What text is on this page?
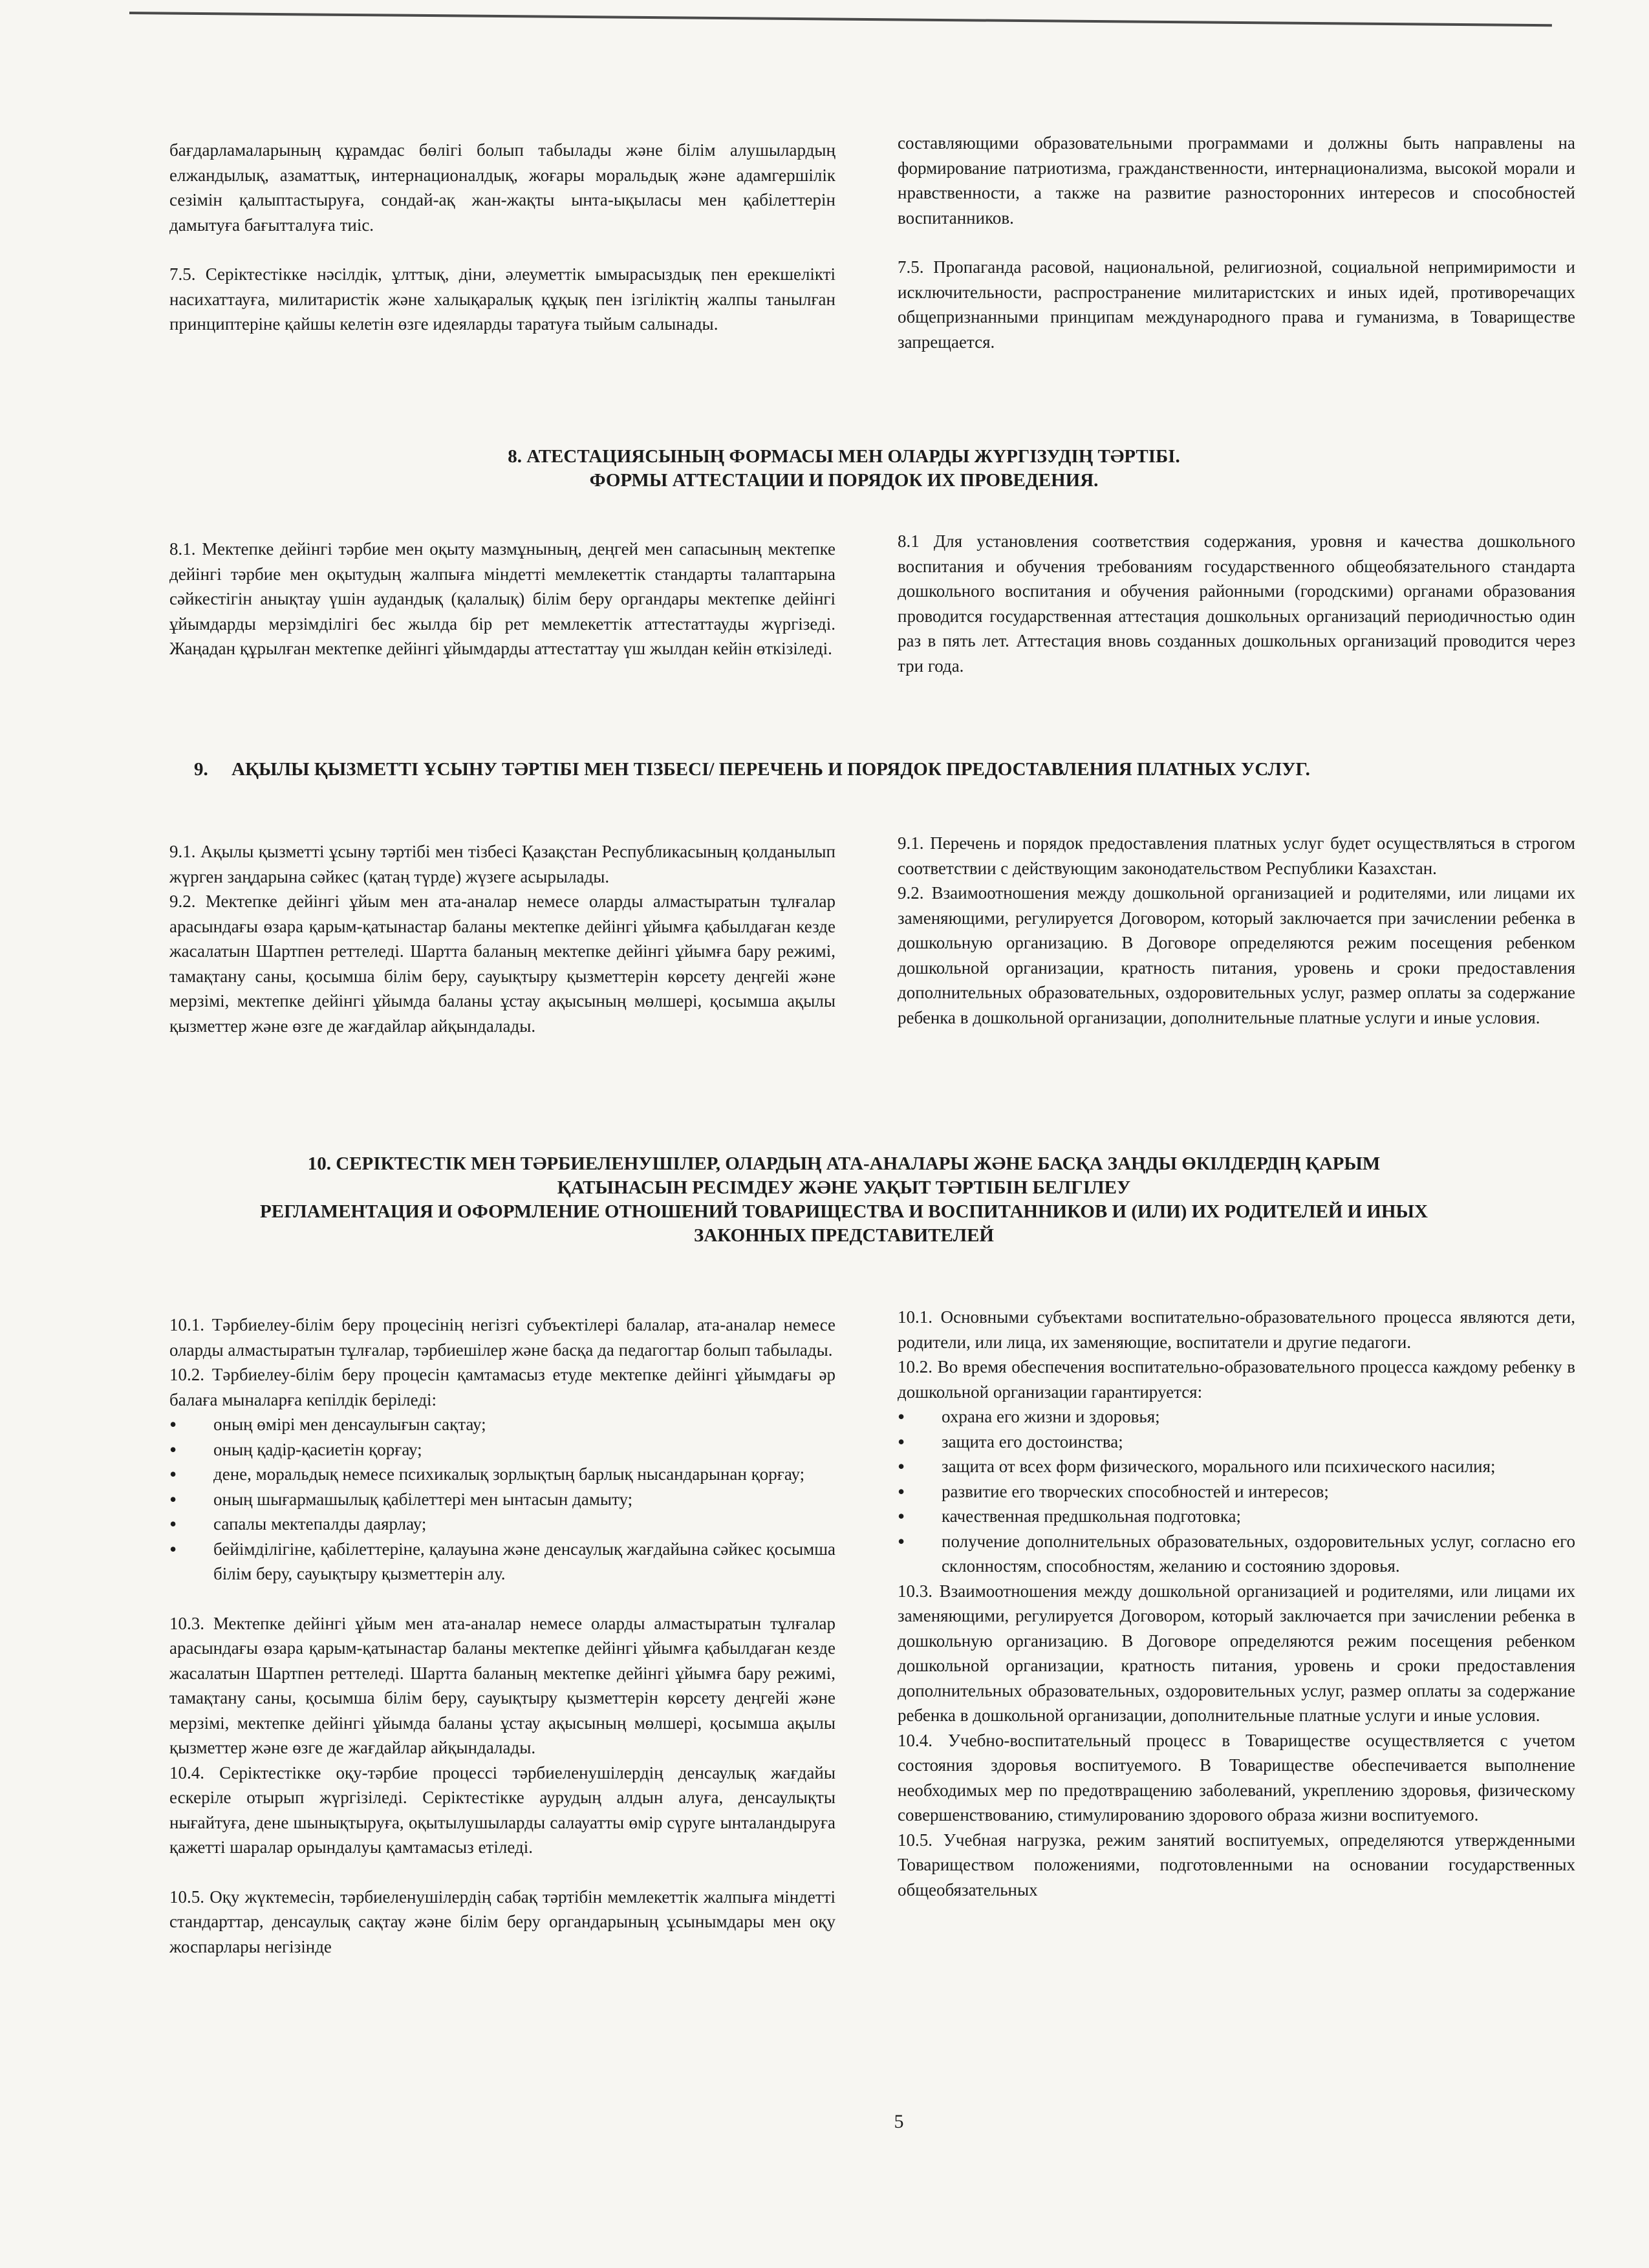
бағдарламаларының құрамдас бөлігі болып табылады және білім алушылардың елжандылық, азаматтық, интернационалдық, жоғары моральдық және адамгершілік сезімін қалыптастыруға, сондай-ақ жан-жақты ынта-ықыласы мен қабілеттерін дамытуға бағытталуға тиіс.

7.5. Серіктестікке нәсілдік, ұлттық, діни, әлеуметтік ымырасыздық пен ерекшелікті насихаттауға, милитаристік және халықаралық құқық пен ізгіліктің жалпы танылған принциптеріне қайшы келетін өзге идеяларды таратуға тыйым салынады.

составляющими образовательными программами и должны быть направлены на формирование патриотизма, гражданственности, интернационализма, высокой морали и нравственности, а также на развитие разносторонних интересов и способностей воспитанников.

7.5. Пропаганда расовой, национальной, религиозной, социальной непримиримости и исключительности, распространение милитаристских и иных идей, противоречащих общепризнанными принципам международного права и гуманизма, в Товариществе запрещается.

8. АТЕСТАЦИЯСЫНЫҢ ФОРМАСЫ МЕН ОЛАРДЫ ЖҮРГІЗУДІҢ ТӘРТІБІ.
ФОРМЫ АТТЕСТАЦИИ И ПОРЯДОК ИХ ПРОВЕДЕНИЯ.

8.1. Мектепке дейінгі тәрбие мен оқыту мазмұнының, деңгей мен сапасының мектепке дейінгі тәрбие мен оқытудың жалпыға міндетті мемлекеттік стандарты талаптарына сәйкестігін анықтау үшін аудандық (қалалық) білім беру органдары мектепке дейінгі ұйымдарды мерзімділігі бес жылда бір рет мемлекеттік аттестаттауды жүргізеді. Жаңадан құрылған мектепке дейінгі ұйымдарды аттестаттау үш жылдан кейін өткізіледі.

8.1 Для установления соответствия содержания, уровня и качества дошкольного воспитания и обучения требованиям государственного общеобязательного стандарта дошкольного воспитания и обучения районными (городскими) органами образования проводится государственная аттестация дошкольных организаций периодичностью один раз в пять лет. Аттестация вновь созданных дошкольных организаций проводится через три года.

9.     АҚЫЛЫ ҚЫЗМЕТТІ ҰСЫНУ ТӘРТІБІ МЕН ТІЗБЕСІ/ ПЕРЕЧЕНЬ И ПОРЯДОК ПРЕДОСТАВЛЕНИЯ ПЛАТНЫХ УСЛУГ.

9.1. Ақылы қызметті ұсыну тәртібі мен тізбесі Қазақстан Республикасының қолданылып жүрген заңдарына сәйкес (қатаң түрде) жүзеге асырылады.

9.2. Мектепке дейінгі ұйым мен ата-аналар немесе оларды алмастыратын тұлғалар арасындағы өзара қарым-қатынастар баланы мектепке дейінгі ұйымға қабылдаған кезде жасалатын Шартпен реттеледі. Шартта баланың мектепке дейінгі ұйымға бару режимі, тамақтану саны, қосымша білім беру, сауықтыру қызметтерін көрсету деңгейі және мерзімі, мектепке дейінгі ұйымда баланы ұстау ақысының мөлшері, қосымша ақылы қызметтер және өзге де жағдайлар айқындалады.

9.1. Перечень и порядок предоставления платных услуг будет осуществляться в строгом соответствии с действующим законодательством Республики Казахстан.

9.2. Взаимоотношения между дошкольной организацией и родителями, или лицами их заменяющими, регулируется Договором, который заключается при зачислении ребенка в дошкольную организацию. В Договоре определяются режим посещения ребенком дошкольной организации, кратность питания, уровень и сроки предоставления дополнительных образовательных, оздоровительных услуг, размер оплаты за содержание ребенка в дошкольной организации, дополнительные платные услуги и иные условия.

10. СЕРІКТЕСТІК МЕН ТӘРБИЕЛЕНУШІЛЕР, ОЛАРДЫҢ АТА-АНАЛАРЫ ЖӘНЕ БАСҚА ЗАҢДЫ ӨКІЛДЕРДІҢ ҚАРЫМ
ҚАТЫНАСЫН РЕСІМДЕУ ЖӘНЕ УАҚЫТ ТӘРТІБІН БЕЛГІЛЕУ
РЕГЛАМЕНТАЦИЯ И ОФОРМЛЕНИЕ ОТНОШЕНИЙ ТОВАРИЩЕСТВА И ВОСПИТАННИКОВ И (ИЛИ) ИХ РОДИТЕЛЕЙ И ИНЫХ
ЗАКОННЫХ ПРЕДСТАВИТЕЛЕЙ

10.1. Тәрбиелеу-білім беру процесінің негізгі субъектілері балалар, ата-аналар немесе оларды алмастыратын тұлғалар, тәрбиешілер және басқа да педагогтар болып табылады.

10.2. Тәрбиелеу-білім беру процесін қамтамасыз етуде мектепке дейінгі ұйымдағы әр балаға мыналарға кепілдік беріледі:

• оның өмірі мен денсаулығын сақтау;
• оның қадір-қасиетін қорғау;
• дене, моральдық немесе психикалық зорлықтың барлық нысандарынан қорғау;
• оның шығармашылық қабілеттері мен ынтасын дамыту;
• сапалы мектепалды даярлау;
• бейімділігіне, қабілеттеріне, қалауына және денсаулық жағдайына сәйкес қосымша білім беру, сауықтыру қызметтерін алу.

10.3. Мектепке дейінгі ұйым мен ата-аналар немесе оларды алмастыратын тұлғалар арасындағы өзара қарым-қатынастар баланы мектепке дейінгі ұйымға қабылдаған кезде жасалатын Шартпен реттеледі. Шартта баланың мектепке дейінгі ұйымға бару режимі, тамақтану саны, қосымша білім беру, сауықтыру қызметтерін көрсету деңгейі және мерзімі, мектепке дейінгі ұйымда баланы ұстау ақысының мөлшері, қосымша ақылы қызметтер және өзге де жағдайлар айқындалады.

10.4. Серіктестікке оқу-тәрбие процессі тәрбиеленушілердің денсаулық жағдайы ескеріле отырып жүргізіледі. Серіктестікке аурудың алдын алуға, денсаулықты нығайтуға, дене шынықтыруға, оқытылушыларды салауатты өмір сүруге ынталандыруға қажетті шаралар орындалуы қамтамасыз етіледі.

10.5. Оқу жүктемесін, тәрбиеленушілердің сабақ тәртібін мемлекеттік жалпыға міндетті стандарттар, денсаулық сақтау және білім беру органдарының ұсынымдары мен оқу жоспарлары негізінде

10.1. Основными субъектами воспитательно-образовательного процесса являются дети, родители, или лица, их заменяющие, воспитатели и другие педагоги.

10.2. Во время обеспечения воспитательно-образовательного процесса каждому ребенку в дошкольной организации гарантируется:

• охрана его жизни и здоровья;
• защита его достоинства;
• защита от всех форм физического, морального или психического насилия;
• развитие его творческих способностей и интересов;
• качественная предшкольная подготовка;
• получение дополнительных образовательных, оздоровительных услуг, согласно его склонностям, способностям, желанию и состоянию здоровья.

10.3. Взаимоотношения между дошкольной организацией и родителями, или лицами их заменяющими, регулируется Договором, который заключается при зачислении ребенка в дошкольную организацию. В Договоре определяются режим посещения ребенком дошкольной организации, кратность питания, уровень и сроки предоставления дополнительных образовательных, оздоровительных услуг, размер оплаты за содержание ребенка в дошкольной организации, дополнительные платные услуги и иные условия.

10.4. Учебно-воспитательный процесс в Товариществе осуществляется с учетом состояния здоровья воспитуемого. В Товариществе обеспечивается выполнение необходимых мер по предотвращению заболеваний, укреплению здоровья, физическому совершенствованию, стимулированию здорового образа жизни воспитуемого.

10.5. Учебная нагрузка, режим занятий воспитуемых, определяются утвержденными Товариществом положениями, подготовленными на основании государственных общеобязательных

5
